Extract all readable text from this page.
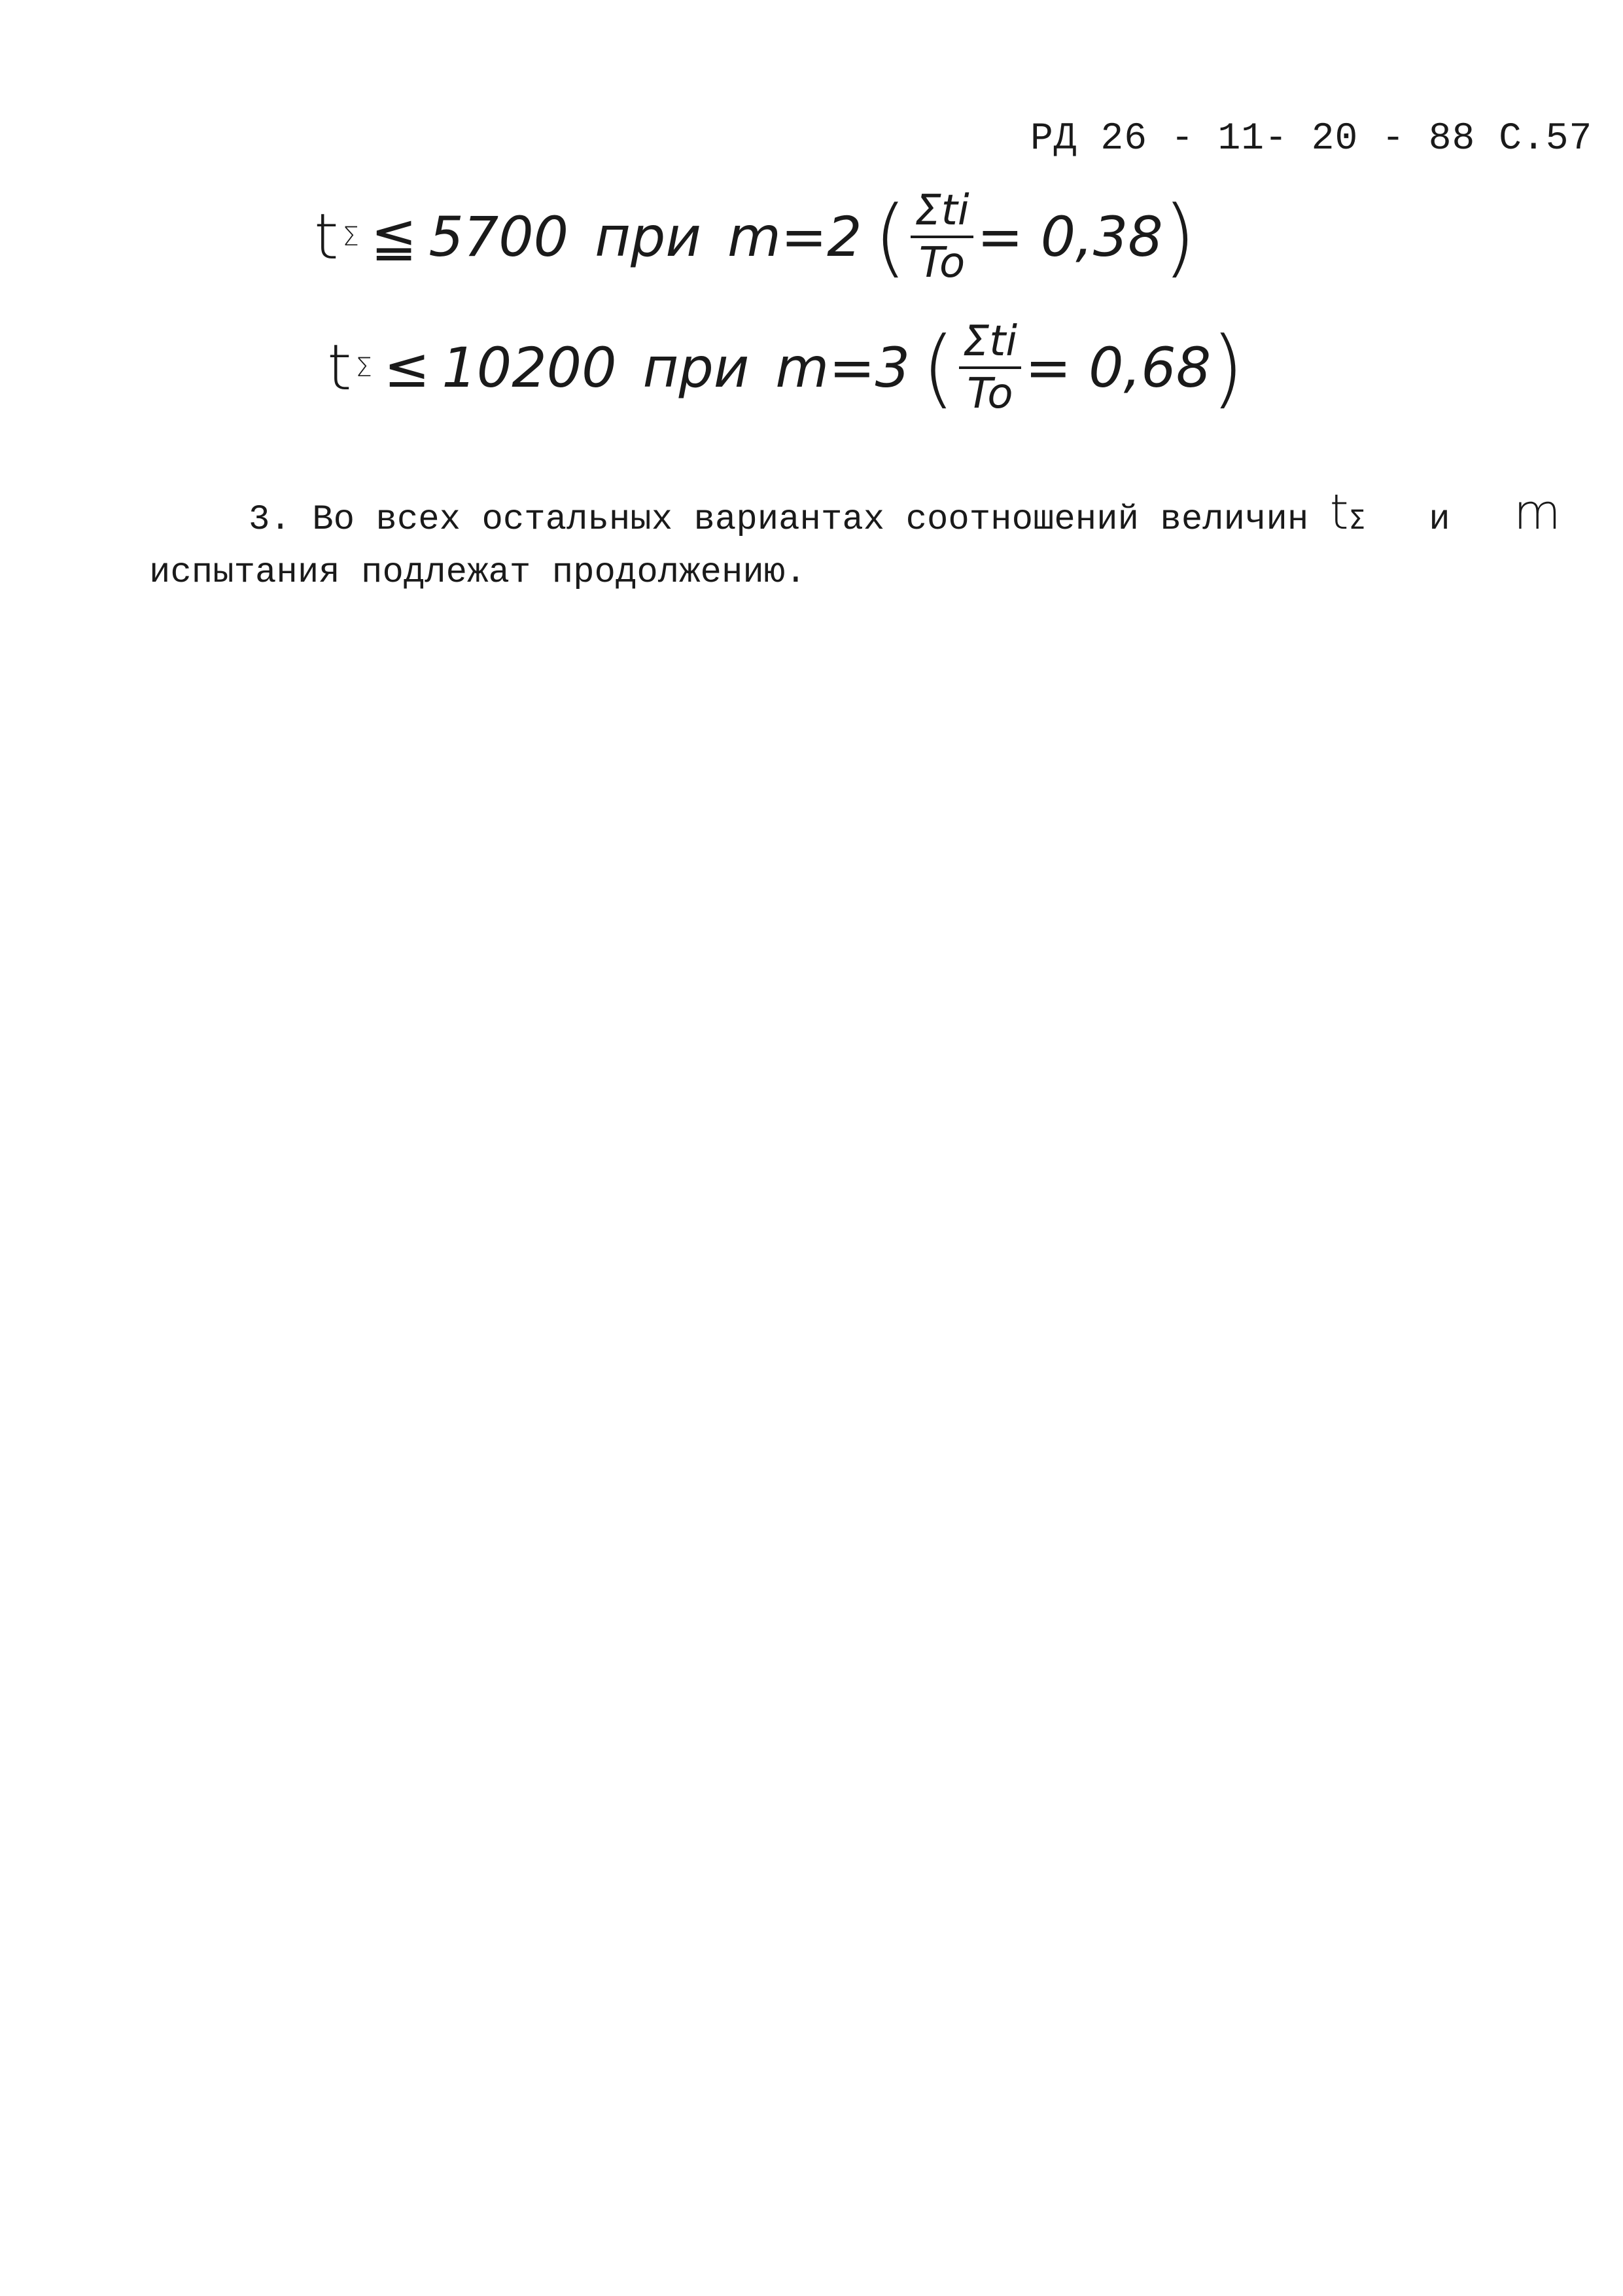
РД 26 - 11- 20 - 88 С.57
t Σ ≦ 5700 при m=2 ( $\frac{\text{Σti}}{To} = 0,38$ )
t Σ ≤ 10200 при m=3 ( $\frac{\text{Σti}}{To} = 0,68$ )
3. Во всех остальных вариантах соотношений величин tΣ и m
испытания подлежат продолжению.
